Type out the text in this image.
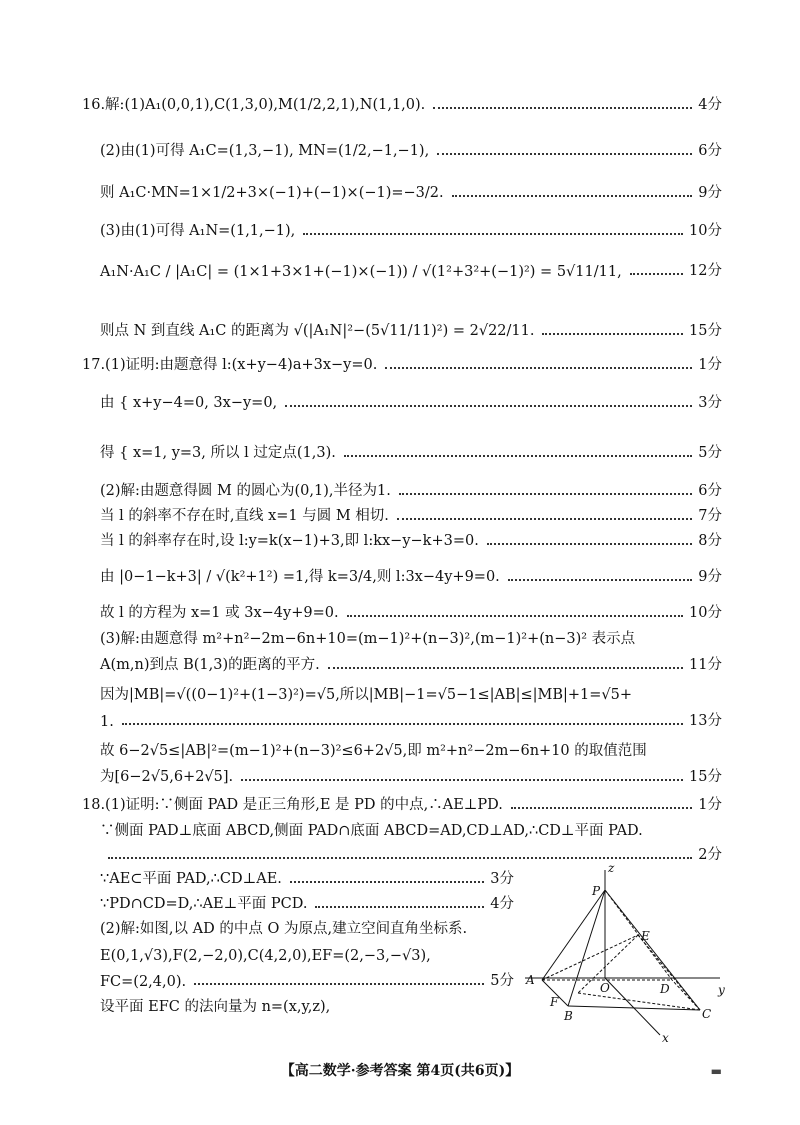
16.解:(1)A₁(0,0,1),C(1,3,0),M(1/2,2,1),N(1,1,0).	4分
(2)由(1)可得 A₁C=(1,3,−1), MN=(1/2,−1,−1),	6分
则 A₁C·MN=1×1/2+3×(−1)+(−1)×(−1)=−3/2.	9分
(3)由(1)可得 A₁N=(1,1,−1),	10分
A₁N·A₁C / |A₁C| = (1×1+3×1+(−1)×(−1)) / √(1²+3²+(−1)²) = 5√11/11,	12分
则点 N 到直线 A₁C 的距离为 √(|A₁N|²−(5√11/11)²) = 2√22/11.	15分
17.(1)证明:由题意得 l:(x+y−4)a+3x−y=0.	1分
由 { x+y−4=0, 3x−y=0,	3分
得 { x=1, y=3, 所以 l 过定点(1,3).	5分
(2)解:由题意得圆 M 的圆心为(0,1),半径为1.	6分
当 l 的斜率不存在时,直线 x=1 与圆 M 相切.	7分
当 l 的斜率存在时,设 l:y=k(x−1)+3,即 l:kx−y−k+3=0.	8分
由 |0−1−k+3| / √(k²+1²) =1,得 k=3/4,则 l:3x−4y+9=0.	9分
故 l 的方程为 x=1 或 3x−4y+9=0.	10分
(3)解:由题意得 m²+n²−2m−6n+10=(m−1)²+(n−3)²,(m−1)²+(n−3)² 表示点
A(m,n)到点 B(1,3)的距离的平方.	11分
因为|MB|=√((0−1)²+(1−3)²)=√5,所以|MB|−1=√5−1≤|AB|≤|MB|+1=√5+
1.	13分
故 6−2√5≤|AB|²=(m−1)²+(n−3)²≤6+2√5,即 m²+n²−2m−6n+10 的取值范围
为[6−2√5,6+2√5].	15分
18.(1)证明:∵侧面 PAD 是正三角形,E 是 PD 的中点,∴AE⊥PD.	1分
∵侧面 PAD⊥底面 ABCD,侧面 PAD∩底面 ABCD=AD,CD⊥AD,∴CD⊥平面 PAD.
2分
∵AE⊂平面 PAD,∴CD⊥AE.	3分
∵PD∩CD=D,∴AE⊥平面 PCD.	4分
(2)解:如图,以 AD 的中点 O 为原点,建立空间直角坐标系.
E(0,1,√3),F(2,−2,0),C(4,2,0),EF=(2,−3,−√3),
FC=(2,4,0).	5分
设平面 EFC 的法向量为 n=(x,y,z),
z
P
E
A
O	D	y
F
B	C
x
【高二数学·参考答案 第4页(共6页)】	▬
